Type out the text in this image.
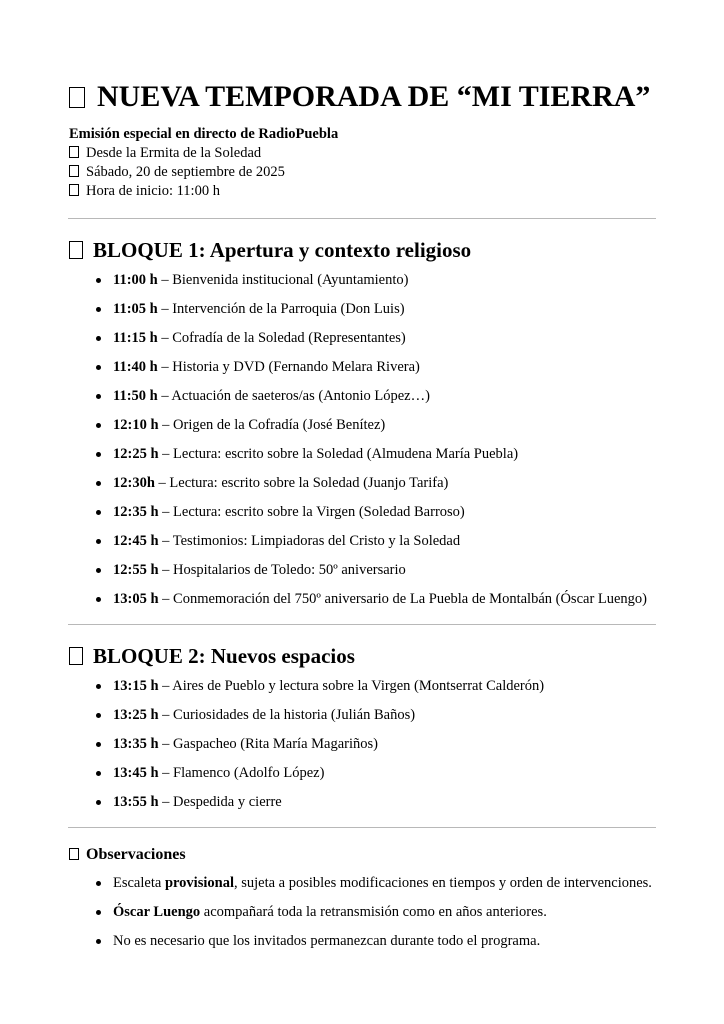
NUEVA TEMPORADA DE “MI TIERRA”
Emisión especial en directo de RadioPuebla
Desde la Ermita de la Soledad
Sábado, 20 de septiembre de 2025
Hora de inicio: 11:00 h
BLOQUE 1: Apertura y contexto religioso
11:00 h – Bienvenida institucional (Ayuntamiento)
11:05 h – Intervención de la Parroquia (Don Luis)
11:15 h – Cofradía de la Soledad (Representantes)
11:40 h – Historia y DVD (Fernando Melara Rivera)
11:50 h – Actuación de saeteros/as (Antonio López…)
12:10 h – Origen de la Cofradía (José Benítez)
12:25 h – Lectura: escrito sobre la Soledad (Almudena María Puebla)
12:30h – Lectura: escrito sobre la Soledad (Juanjo Tarifa)
12:35 h – Lectura: escrito sobre la Virgen (Soledad Barroso)
12:45 h – Testimonios: Limpiadoras del Cristo y la Soledad
12:55 h – Hospitalarios de Toledo: 50º aniversario
13:05 h – Conmemoración del 750º aniversario de La Puebla de Montalbán (Óscar Luengo)
BLOQUE 2: Nuevos espacios
13:15 h – Aires de Pueblo y lectura sobre la Virgen (Montserrat Calderón)
13:25 h – Curiosidades de la historia (Julián Baños)
13:35 h – Gaspacheo (Rita María Magariños)
13:45 h – Flamenco (Adolfo López)
13:55 h – Despedida y cierre
Observaciones
Escaleta provisional, sujeta a posibles modificaciones en tiempos y orden de intervenciones.
Óscar Luengo acompañará toda la retransmisión como en años anteriores.
No es necesario que los invitados permanezcan durante todo el programa.
